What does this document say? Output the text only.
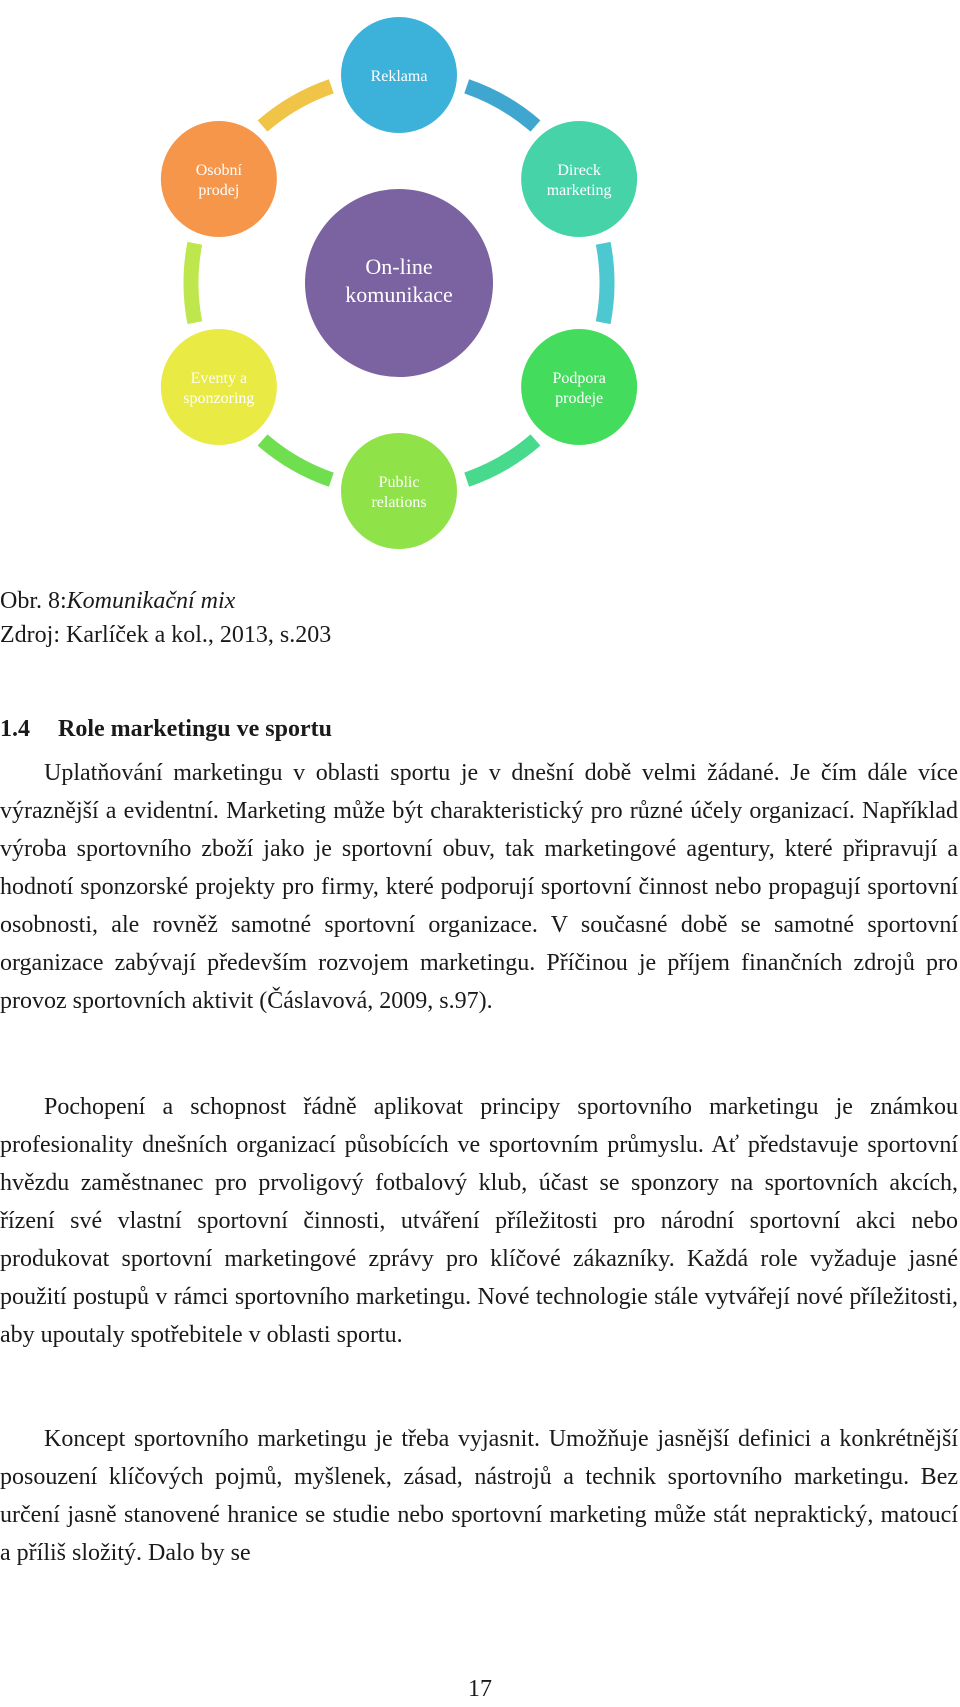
On-line
komunikace
Reklama
Direck
marketing
Podpora
prodeje
Public
relations
Eventy a
sponzoring
Osobní
prodej
Obr. 8:Komunikační mix
Zdroj: Karlíček a kol., 2013, s.203
1.4 Role marketingu ve sportu

Uplatňování marketingu v oblasti sportu je v dnešní době velmi žádané. Je čím dále více výraznější a evidentní. Marketing může být charakteristický pro různé účely organizací. Například výroba sportovního zboží jako je sportovní obuv, tak marketingové agentury, které připravují a hodnotí sponzorské projekty pro firmy, které podporují sportovní činnost nebo propagují sportovní osobnosti, ale rovněž samotné sportovní organizace. V současné době se samotné sportovní organizace zabývají především rozvojem marketingu. Příčinou je příjem finančních zdrojů pro provoz sportovních aktivit (Čáslavová, 2009, s.97).

Pochopení a schopnost řádně aplikovat principy sportovního marketingu je známkou profesionality dnešních organizací působících ve sportovním průmyslu. Ať představuje sportovní hvězdu zaměstnanec pro prvoligový fotbalový klub, účast se sponzory na sportovních akcích, řízení své vlastní sportovní činnosti, utváření příležitosti pro národní sportovní akci nebo produkovat sportovní marketingové zprávy pro klíčové zákazníky. Každá role vyžaduje jasné použití postupů v rámci sportovního marketingu. Nové technologie stále vytvářejí nové příležitosti, aby upoutaly spotřebitele v oblasti sportu.

Koncept sportovního marketingu je třeba vyjasnit. Umožňuje jasnější definici a konkrétnější posouzení klíčových pojmů, myšlenek, zásad, nástrojů a technik sportovního marketingu. Bez určení jasně stanovené hranice se studie nebo sportovní marketing může stát nepraktický, matoucí a příliš složitý. Dalo by se

17
